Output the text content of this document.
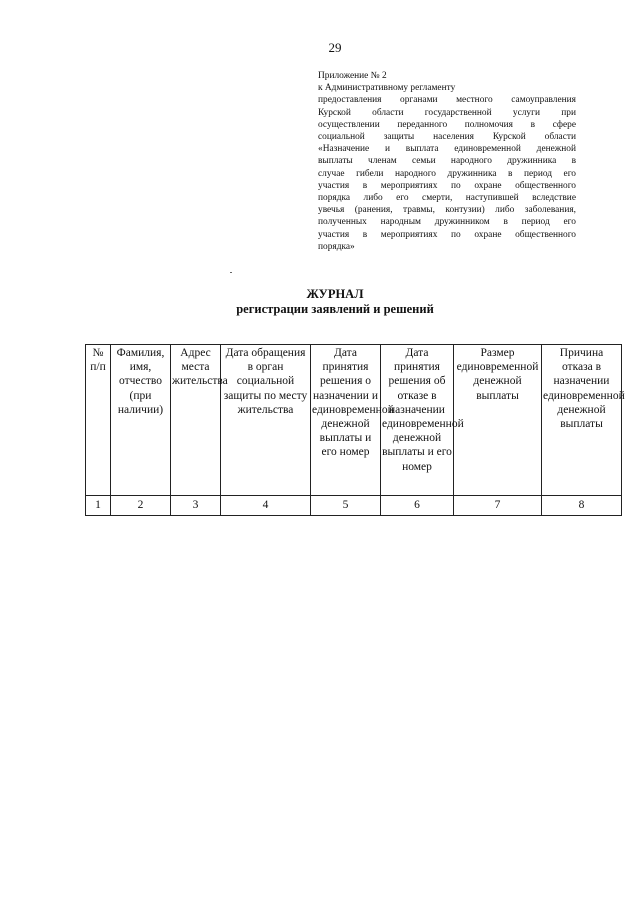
29
Приложение № 2
к Административному регламенту
предоставления органами местного самоуправления
Курской области государственной услуги при
осуществлении переданного полномочия в сфере
социальной защиты населения Курской области
«Назначение и выплата единовременной денежной
выплаты членам семьи народного дружинника в
случае гибели народного дружинника в период его
участия в мероприятиях по охране общественного
порядка либо его смерти, наступившей вследствие
увечья (ранения, травмы, контузии) либо заболевания,
полученных народным дружинником в период его
участия в мероприятиях по охране общественного
порядка»
ЖУРНАЛ
регистрации заявлений и решений
№ п/п	Фамилия, имя, отчество (при наличии)	Адрес места жительства	Дата обращения в орган социальной защиты по месту жительства	Дата принятия решения о назначении и единовременной денежной выплаты и его номер	Дата принятия решения об отказе в назначении единовременной денежной выплаты и его номер	Размер единовременной денежной выплаты	Причина отказа в назначении единовременной денежной выплаты
1	2	3	4	5	6	7	8
